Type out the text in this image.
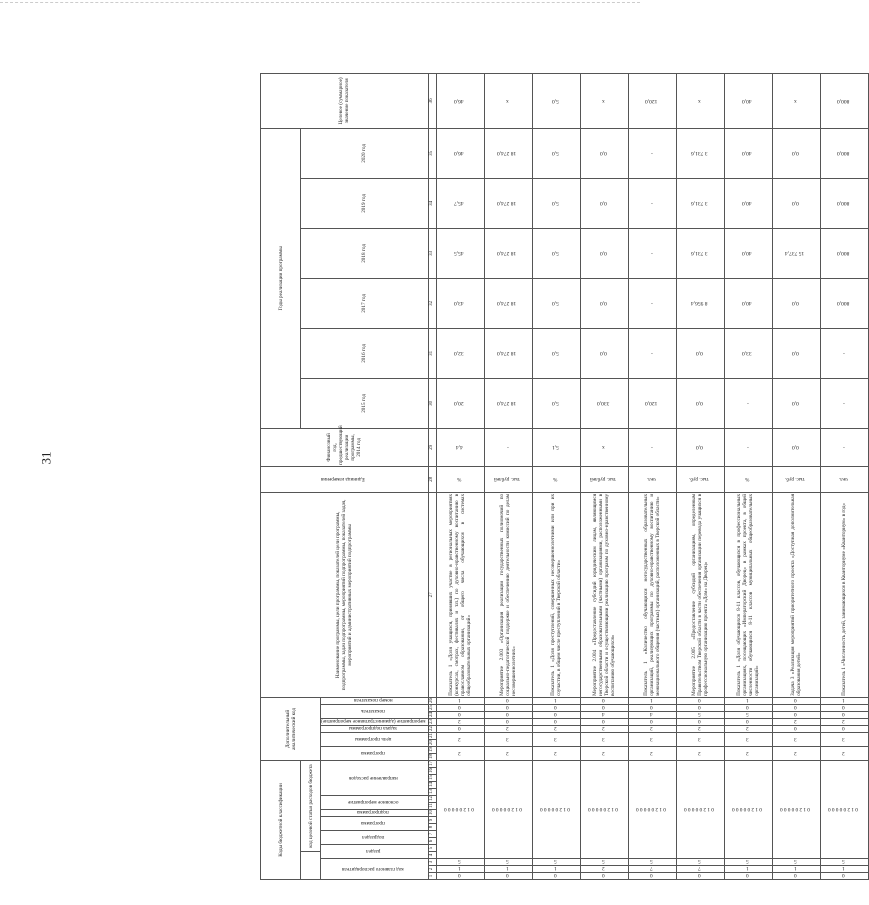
31
Коды бюджетной классификации																	Дополнительный аналитический код									Наименование программы, цели программы, показателей цели программы, подпрограммы, задач подпрограммы, мероприятий подпрограммы, показателей задач, мероприятий и административных мероприятий подпрограммы	Единица измерения	Финансовый год, предшествующий реализации программы, 2014 год	Годы реализации программы						Целевое (суммарное) значение показателя	
				код целевой статьи расходов бюджета																									2015 год	2016 год	2017 год	2018 год	2019 год	2020 год		
код главного распорядителя			раздел		подраздел		программа		подпрограмма	основное мероприятие		направление расходов					программа		цель программы		задача подпрограммы	мероприятие (административное мероприятие)	показатель		номер показателя											
1	2	3	4	5	6	7	8	9	10	11	12	13	14	15	16	17	18	19	20	21	22	23	24	25	26	27	28	29	30	31	32	33	34	35	36	
0	1	5	0 1 2 0 0 0 0 0														2		2		0	2	0	0	1	Показатель 1 «Доля учащихся, принявших участие в региональных мероприятиях (конкурсах, смотрах, фестивалях и т.п.) по духовно-нравственному воспитанию в православном образовании, от общего числа обучающихся в системах общеобразовательных организаций»	%	4,4	20,0	32,0	43,0	45,5	45,7	46,0	46,0	
0	1	5	0 1 2 0 0 0 0 0														2		3		2	0	0	0	0	Мероприятие 2.003 «Организация реализации государственных полномочий по социально-педагогической поддержке и обеспечению деятельности комиссий по делам несовершеннолетних»	тыс. рублей	-	18 274,0	18 274,0	18 274,0	18 274,0	18 274,0	18 274,0	x	
0	1	5	0 1 2 0 0 0 0 0														2		3		2	0	0	0	1	Показатель 1 «Доля преступлений, совершенных несовершеннолетними или при их соучастии, в общем числе преступлений в Тверской области»	%	5,1	5,0	5,0	5,0	5,0	5,0	5,0	5,0	
0	2	5	0 1 2 0 0 0 0 0														2		3		2	0	4	0	0	Мероприятие 2.004 «Предоставление субсидий юридическим лицам, являющимся негосударственными образовательными (частными) организациями, расположенными в Тверской области и осуществляющими реализацию программ по духовно-нравственному воспитанию обучающихся»	тыс. рублей	x	330,0	0,0	0,0	0,0	0,0	0,0	x	
0	7	5	0 1 2 0 0 0 0 0														2		3		2	0	4	0	1	Показатель 1 «Количество обучающихся негосударственных образовательных организаций, реализующих программы по духовно-нравственному воспитанию и межнационального общения (частных) организаций, расположенных в Тверской области»	чел.	-	120,0	-	-	-	-	-	120,0	
0	7	5	0 1 2 0 0 0 0 0														2		3		2	0	5	0	0	Мероприятие 2.005 «Предоставление субсидий организациям, определенным Правительством Тверской области в части обеспечения организации перевода учащихся в профессиональную организацию проекта «Дом» на Дворец»	тыс. руб.	0,0	0,0	0,0	8 956,4	3 731,6	3 731,6	3 731,6	x	
0	1	5	0 1 2 0 0 0 0 0														2		3		2	0	5	0	1	Показатель 1 «Доля обучающихся 8-11 классов, обучающихся в профессиональных организациях, посещающих «Императорский Дворец» в рамках проекта, в общей численности обучающихся 8-11 классов муниципальных общеобразовательных организаций»	%	-	-	33,0	40,0	40,0	40,0	40,0	40,0	
0	1	5	0 1 2 0 0 0 0 0														2		3		0	2	0	0	0	Задача 3 «Реализация мероприятий приоритетного проекта «Доступная дополнительная образования детей»	тыс. руб.	0,0	0,0	0,0	0,0	15 737,4	0,0	0,0	x	
0	1	5	0 1 2 0 0 0 0 0														2		3		0	2	0	0	1	Показатель 1 «Численность детей, занимающихся в Кванториуме «Кванториум» в год»	чел.	-	-	-	800,0	800,0	800,0	800,0	800,0	
